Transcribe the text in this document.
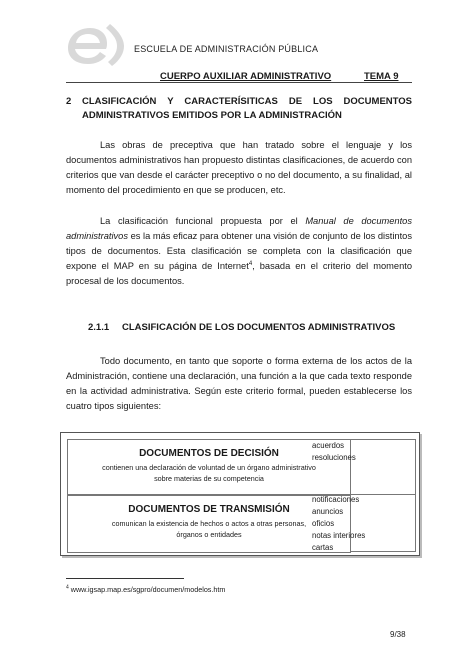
ESCUELA DE ADMINISTRACIÓN PÚBLICA
CUERPO AUXILIAR ADMINISTRATIVO	TEMA 9
2 CLASIFICACIÓN Y CARACTERÍSITICAS DE LOS DOCUMENTOS
ADMINISTRATIVOS EMITIDOS POR LA ADMINISTRACIÓN

Las obras de preceptiva que han tratado sobre el lenguaje y los documentos administrativos han propuesto distintas clasificaciones, de acuerdo con criterios que van desde el carácter preceptivo o no del documento, a su finalidad, al momento del procedimiento en que se producen, etc.

La clasificación funcional propuesta por el Manual de documentos administrativos es la más eficaz para obtener una visión de conjunto de los distintos tipos de documentos. Esta clasificación se completa con la clasificación que expone el MAP en su página de Internet$^4$, basada en el criterio del momento procesal de los documentos.

2.1.1 CLASIFICACIÓN DE LOS DOCUMENTOS ADMINISTRATIVOS

Todo documento, en tanto que soporte o forma externa de los actos de la Administración, contiene una declaración, una función a la que cada texto responde en la actividad administrativa. Según este criterio formal, pueden establecerse los cuatro tipos siguientes:

DOCUMENTOS DE DECISIÓN
contienen una declaración de voluntad de un órgano administrativo
sobre materias de su competencia
DOCUMENTOS DE TRANSMISIÓN
comunican la existencia de hechos o actos a otras personas,
órganos o entidades
acuerdos
resoluciones
notificaciones
anuncios
oficios
notas interiores
cartas
$^4$ www.igsap.map.es/sgpro/documen/modelos.htm
9/38
